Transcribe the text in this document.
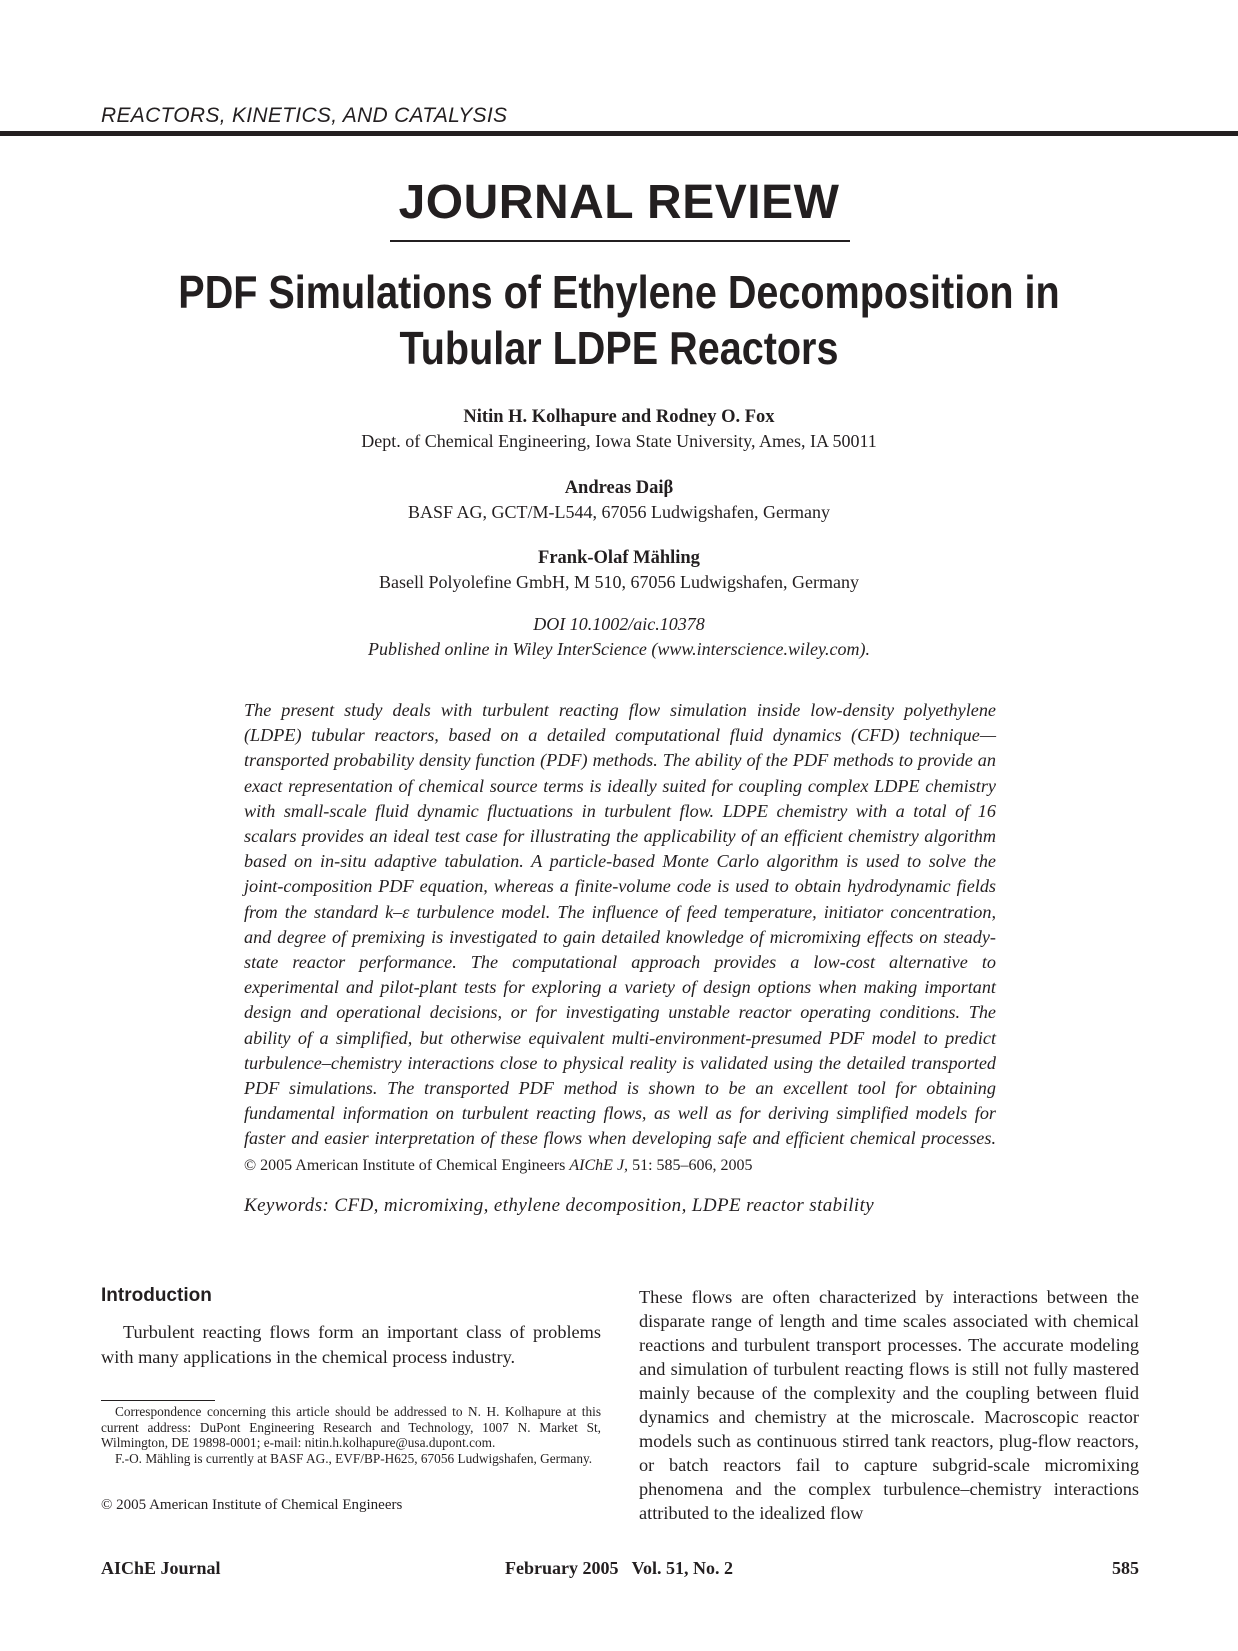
REACTORS, KINETICS, AND CATALYSIS
JOURNAL REVIEW
PDF Simulations of Ethylene Decomposition in
Tubular LDPE Reactors
Nitin H. Kolhapure and Rodney O. Fox
Dept. of Chemical Engineering, Iowa State University, Ames, IA 50011
Andreas Daiβ
BASF AG, GCT/M-L544, 67056 Ludwigshafen, Germany
Frank-Olaf Mähling
Basell Polyolefine GmbH, M 510, 67056 Ludwigshafen, Germany
DOI 10.1002/aic.10378
Published online in Wiley InterScience (www.interscience.wiley.com).
The present study deals with turbulent reacting flow simulation inside low-density polyethylene (LDPE) tubular reactors, based on a detailed computational fluid dynamics (CFD) technique—transported probability density function (PDF) methods. The ability of the PDF methods to provide an exact representation of chemical source terms is ideally suited for coupling complex LDPE chemistry with small-scale fluid dynamic fluctuations in turbulent flow. LDPE chemistry with a total of 16 scalars provides an ideal test case for illustrating the applicability of an efficient chemistry algorithm based on in-situ adaptive tabulation. A particle-based Monte Carlo algorithm is used to solve the joint-composition PDF equation, whereas a finite-volume code is used to obtain hydrodynamic fields from the standard k–ε turbulence model. The influence of feed temperature, initiator concentration, and degree of premixing is investigated to gain detailed knowledge of micromixing effects on steady-state reactor performance. The computational approach provides a low-cost alternative to experimental and pilot-plant tests for exploring a variety of design options when making important design and operational decisions, or for investigating unstable reactor operating conditions. The ability of a simplified, but otherwise equivalent multi-environment-presumed PDF model to predict turbulence–chemistry interactions close to physical reality is validated using the detailed transported PDF simulations. The transported PDF method is shown to be an excellent tool for obtaining fundamental information on turbulent reacting flows, as well as for deriving simplified models for faster and easier interpretation of these flows when developing safe and efficient chemical processes. © 2005 American Institute of Chemical Engineers AIChE J, 51: 585–606, 2005
Keywords: CFD, micromixing, ethylene decomposition, LDPE reactor stability
Introduction
Turbulent reacting flows form an important class of problems with many applications in the chemical process industry.
These flows are often characterized by interactions between the disparate range of length and time scales associated with chemical reactions and turbulent transport processes. The accurate modeling and simulation of turbulent reacting flows is still not fully mastered mainly because of the complexity and the coupling between fluid dynamics and chemistry at the microscale. Macroscopic reactor models such as continuous stirred tank reactors, plug-flow reactors, or batch reactors fail to capture subgrid-scale micromixing phenomena and the complex turbulence–chemistry interactions attributed to the idealized flow

Correspondence concerning this article should be addressed to N. H. Kolhapure at this current address: DuPont Engineering Research and Technology, 1007 N. Market St, Wilmington, DE 19898-0001; e-mail: nitin.h.kolhapure@usa.dupont.com.

F.-O. Mähling is currently at BASF AG., EVF/BP-H625, 67056 Ludwigshafen, Germany.

© 2005 American Institute of Chemical Engineers
AIChE Journal	February 2005   Vol. 51, No. 2	585
